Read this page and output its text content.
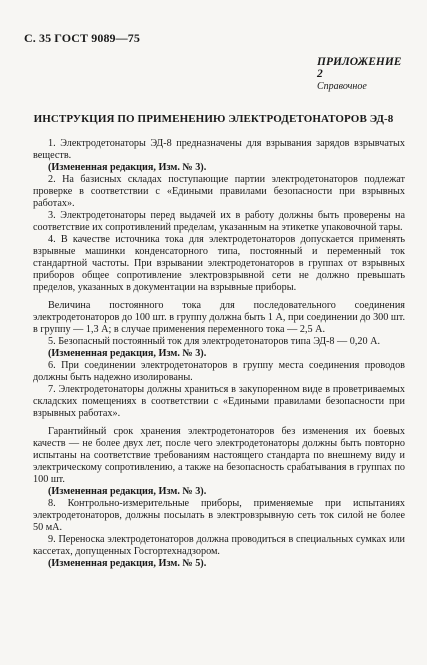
С. 35 ГОСТ 9089—75
ПРИЛОЖЕНИЕ 2
Справочное
ИНСТРУКЦИЯ ПО ПРИМЕНЕНИЮ ЭЛЕКТРОДЕТОНАТОРОВ ЭД-8

1. Электродетонаторы ЭД-8 предназначены для взрывания зарядов взрывчатых веществ.

(Измененная редакция, Изм. № 3).

2. На базисных складах поступающие партии электродетонаторов подлежат проверке в соответствии с «Едиными правилами безопасности при взрывных работах».

3. Электродетонаторы перед выдачей их в работу должны быть проверены на соответствие их сопротивлений пределам, указанным на этикетке упаковочной тары.

4. В качестве источника тока для электродетонаторов допускается применять взрывные машинки конденсаторного типа, постоянный и переменный ток стандартной частоты. При взрывании электродетонаторов в группах от взрывных приборов общее сопротивление электровзрывной сети не должно превышать пределов, указанных в документации на взрывные приборы.

Величина постоянного тока для последовательного соединения электродетонаторов до 100 шт. в группу должна быть 1 А, при соединении до 300 шт. в группу — 1,3 А; в случае применения переменного тока — 2,5 А.

5. Безопасный постоянный ток для электродетонаторов типа ЭД-8 — 0,20 А.

(Измененная редакция, Изм. № 3).

6. При соединении электродетонаторов в группу места соединения проводов должны быть надежно изолированы.

7. Электродетонаторы должны храниться в закупоренном виде в проветриваемых складских помещениях в соответствии с «Едиными правилами безопасности при взрывных работах».

Гарантийный срок хранения электродетонаторов без изменения их боевых качеств — не более двух лет, после чего электродетонаторы должны быть повторно испытаны на соответствие требованиям настоящего стандарта по внешнему виду и электрическому сопротивлению, а также на безопасность срабатывания в группах по 100 шт.

(Измененная редакция, Изм. № 3).

8. Контрольно-измерительные приборы, применяемые при испытаниях электродетонаторов, должны посылать в электровзрывную сеть ток силой не более 50 мА.

9. Переноска электродетонаторов должна проводиться в специальных сумках или кассетах, допущенных Госгортехнадзором.

(Измененная редакция, Изм. № 5).
